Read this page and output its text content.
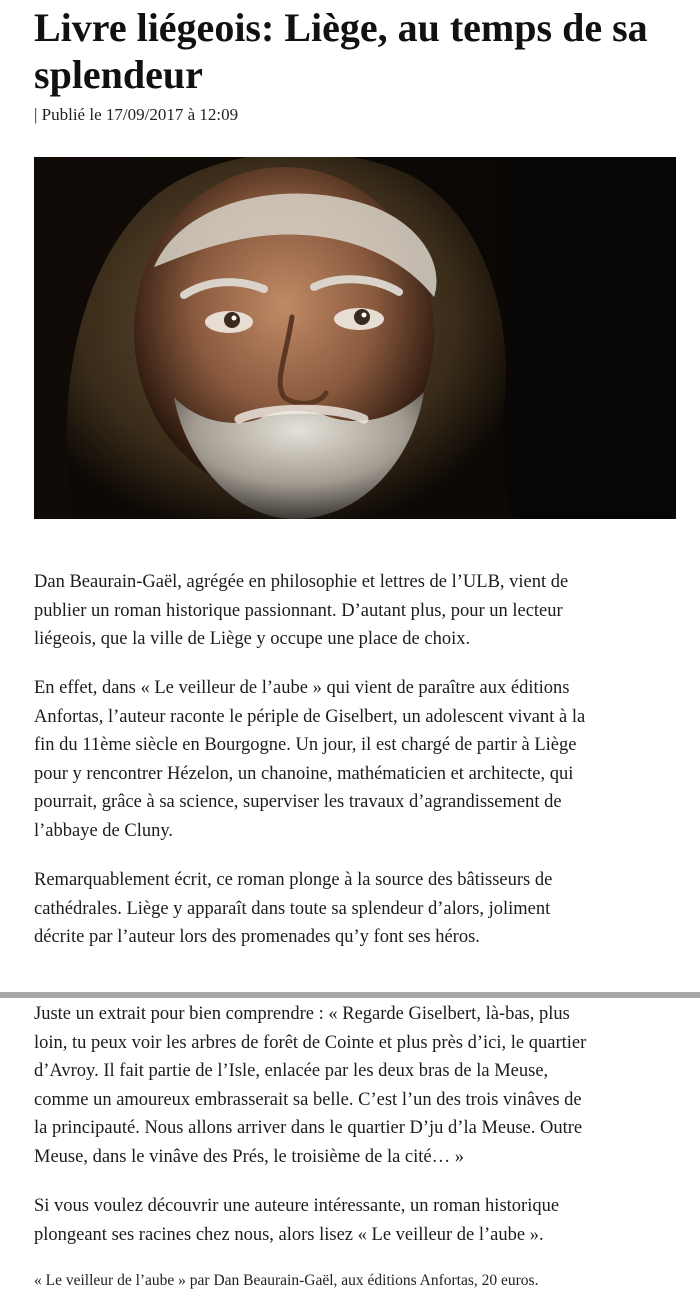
Livre liégeois: Liège, au temps de sa splendeur
| Publié le 17/09/2017 à 12:09

Dan Beaurain-Gaël, agrégée en philosophie et lettres de l’ULB, vient de
publier un roman historique passionnant. D’autant plus, pour un lecteur
liégeois, que la ville de Liège y occupe une place de choix.

En effet, dans « Le veilleur de l’aube » qui vient de paraître aux éditions
Anfortas, l’auteur raconte le périple de Giselbert, un adolescent vivant à la
fin du 11ème siècle en Bourgogne. Un jour, il est chargé de partir à Liège
pour y rencontrer Hézelon, un chanoine, mathématicien et architecte, qui
pourrait, grâce à sa science, superviser les travaux d’agrandissement de
l’abbaye de Cluny.

Remarquablement écrit, ce roman plonge à la source des bâtisseurs de
cathédrales. Liège y apparaît dans toute sa splendeur d’alors, joliment
décrite par l’auteur lors des promenades qu’y font ses héros.

Juste un extrait pour bien comprendre : « Regarde Giselbert, là-bas, plus
loin, tu peux voir les arbres de forêt de Cointe et plus près d’ici, le quartier
d’Avroy. Il fait partie de l’Isle, enlacée par les deux bras de la Meuse,
comme un amoureux embrasserait sa belle. C’est l’un des trois vinâves de
la principauté. Nous allons arriver dans le quartier D’ju d’la Meuse. Outre
Meuse, dans le vinâve des Prés, le troisième de la cité… »

Si vous voulez découvrir une auteure intéressante, un roman historique
plongeant ses racines chez nous, alors lisez « Le veilleur de l’aube ».

« Le veilleur de l’aube » par Dan Beaurain-Gaël, aux éditions Anfortas, 20 euros.
